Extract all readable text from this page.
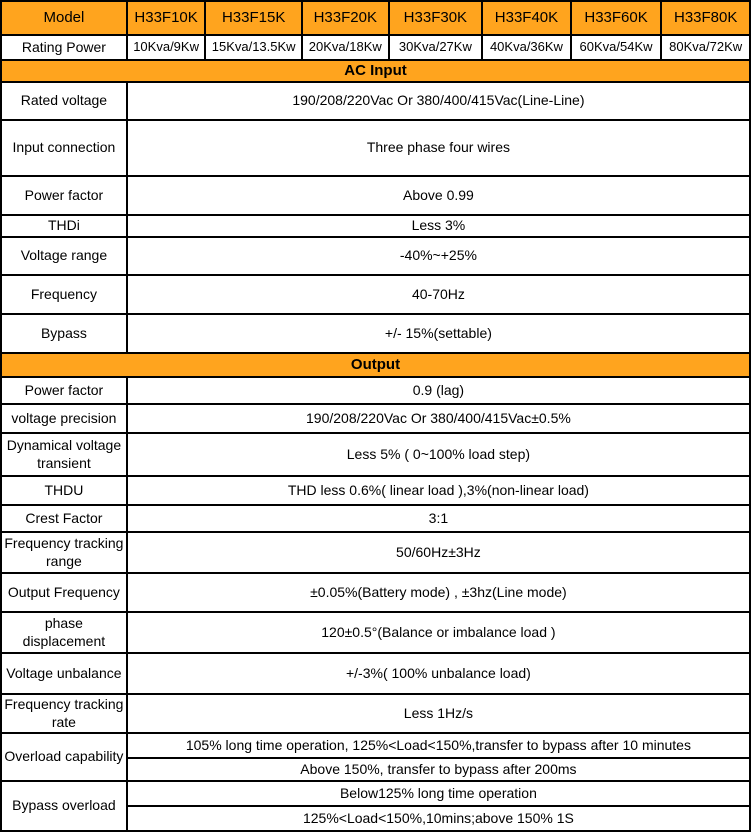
Model	H33F10K	H33F15K	H33F20K	H33F30K	H33F40K	H33F60K	H33F80K
Rating Power	10Kva/9Kw	15Kva/13.5Kw	20Kva/18Kw	30Kva/27Kw	40Kva/36Kw	60Kva/54Kw	80Kva/72Kw
AC Input							
Rated voltage	190/208/220Vac Or 380/400/415Vac(Line-Line)						
Input connection	Three phase four wires						
Power factor	Above 0.99						
THDi	Less 3%						
Voltage range	-40%~+25%						
Frequency	40-70Hz						
Bypass	+/- 15%(settable)						
Output							
Power factor	0.9 (lag)						
voltage precision	190/208/220Vac Or 380/400/415Vac±0.5%						
Dynamical voltage transient	Less 5% ( 0~100% load step)						
THDU	THD less 0.6%( linear load ),3%(non-linear load)						
Crest Factor	3:1						
Frequency tracking range	50/60Hz±3Hz						
Output Frequency	±0.05%(Battery mode) , ±3hz(Line mode)						
phase displacement	120±0.5°(Balance or imbalance load )						
Voltage unbalance	+/-3%( 100% unbalance load)						
Frequency tracking rate	Less 1Hz/s						
Overload capability	105% long time operation, 125%<Load<150%,transfer to bypass after 10 minutes						
	Above 150%, transfer to bypass after 200ms						
Bypass overload	Below125% long time operation						
	125%<Load<150%,10mins;above 150% 1S						
